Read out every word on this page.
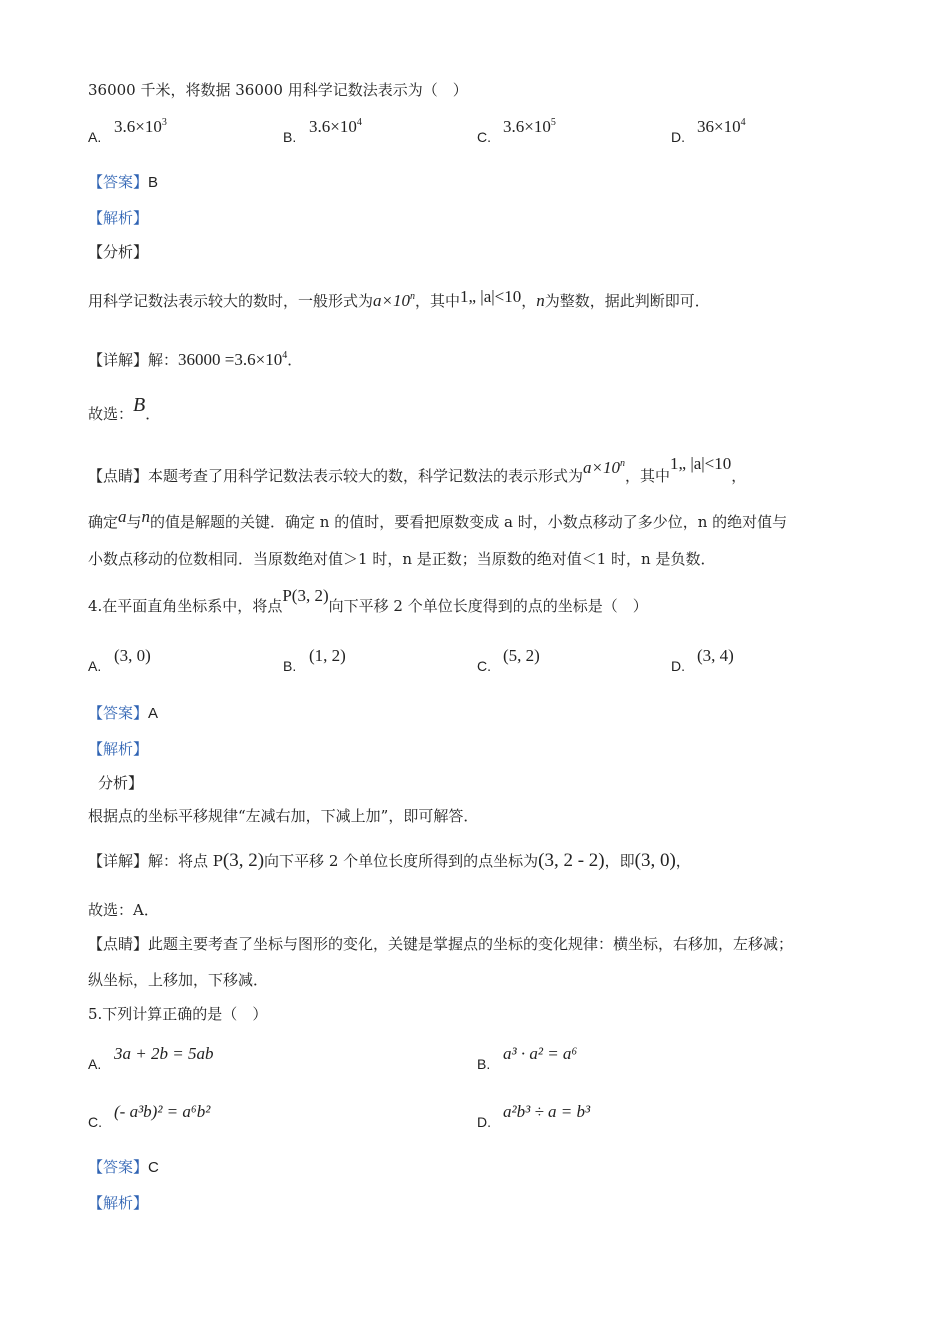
36000 千米，将数据 36000 用科学记数法表示为（　）
A.
$3.6\times 10^3$
B.
$3.6\times 10^4$
C.
$3.6\times 10^5$
D.
$36\times 10^4$
【答案】B
【解析】
【分析】
用科学记数法表示较大的数时，一般形式为$a\times 10^n$，其中1„ |a|<10，n为整数，据此判断即可．
【详解】解：$36000 =3.6\times 10^4$．
故选：B．
【点睛】本题考查了用科学记数法表示较大的数，科学记数法的表示形式为$a\times 10^n$，其中1„ |a|<10，
确定a与n的值是解题的关键．确定 n 的值时，要看把原数变成 a 时，小数点移动了多少位，n 的绝对值与
小数点移动的位数相同．当原数绝对值＞1 时，n 是正数；当原数的绝对值＜1 时，n 是负数．
4.在平面直角坐标系中，将点P(3, 2)向下平移 2 个单位长度得到的点的坐标是（　）
A.
(3, 0)
B.
(1, 2)
C.
(5, 2)
D.
(3, 4)
【答案】A
【解析】
分析】
根据点的坐标平移规律“左减右加，下减上加”，即可解答．
【详解】解：将点 P(3, 2)向下平移 2 个单位长度所得到的点坐标为(3, 2 - 2)，即(3, 0)，
故选：A．
【点睛】此题主要考查了坐标与图形的变化，关键是掌握点的坐标的变化规律：横坐标，右移加，左移减；
纵坐标，上移加，下移减．
5.下列计算正确的是（　）
A.
3a + 2b = 5ab
B.
a³ · a² = a⁶
C.
(- a³b)² = a⁶b²
D.
a²b³ ÷ a = b³
【答案】C
【解析】
